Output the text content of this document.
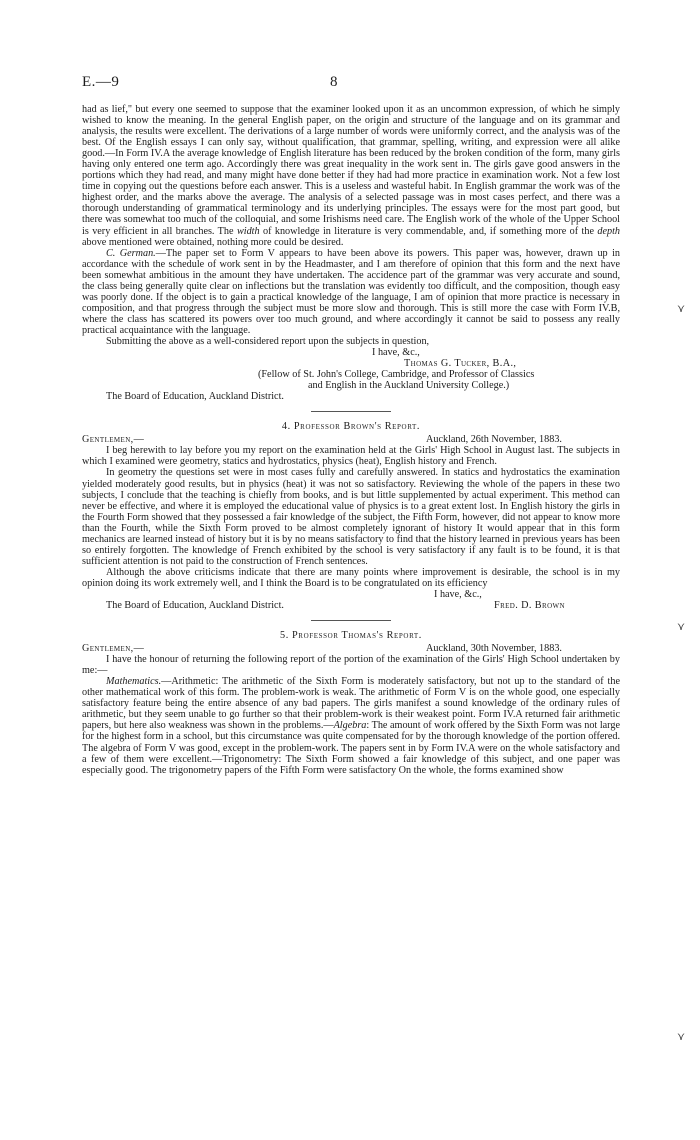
E.—9	8

had as lief," but every one seemed to suppose that the examiner looked upon it as an uncommon expression, of which he simply wished to know the meaning. In the general English paper, on the origin and structure of the language and on its grammar and analysis, the results were excellent. The derivations of a large number of words were uniformly correct, and the analysis was of the best. Of the English essays I can only say, without qualification, that grammar, spelling, writing, and expression were all alike good.—In Form IV.A the average knowledge of English literature has been reduced by the broken condition of the form, many girls having only entered one term ago. Accordingly there was great inequality in the work sent in. The girls gave good answers in the portions which they had read, and many might have done better if they had had more practice in examination work. Not a few lost time in copying out the questions before each answer. This is a useless and wasteful habit. In English grammar the work was of the highest order, and the marks above the average. The analysis of a selected passage was in most cases perfect, and there was a thorough understanding of grammatical terminology and its underlying principles. The essays were for the most part good, but there was somewhat too much of the colloquial, and some Irishisms need care. The English work of the whole of the Upper School is very efficient in all branches. The width of knowledge in literature is very commendable, and, if something more of the depth above mentioned were obtained, nothing more could be desired.

C. German.—The paper set to Form V appears to have been above its powers. This paper was, however, drawn up in accordance with the schedule of work sent in by the Headmaster, and I am therefore of opinion that this form and the next have been somewhat ambitious in the amount they have undertaken. The accidence part of the grammar was very accurate and sound, the class being generally quite clear on inflections but the translation was evidently too difficult, and the composition, though easy was poorly done. If the object is to gain a practical knowledge of the language, I am of opinion that more practice is necessary in composition, and that progress through the subject must be more slow and thorough. This is still more the case with Form IV.B, where the class has scattered its powers over too much ground, and where accordingly it cannot be said to possess any really practical acquaintance with the language.

Submitting the above as a well-considered report upon the subjects in question,

I have, &c.,
Thomas G. Tucker, B.A.,
(Fellow of St. John's College, Cambridge, and Professor of Classics
and English in the Auckland University College.)
The Board of Education, Auckland District.
4. Professor Brown's Report.
Gentlemen,—	Auckland, 26th November, 1883.

I beg herewith to lay before you my report on the examination held at the Girls' High School in August last. The subjects in which I examined were geometry, statics and hydrostatics, physics (heat), English history and French.

In geometry the questions set were in most cases fully and carefully answered. In statics and hydrostatics the examination yielded moderately good results, but in physics (heat) it was not so satisfactory. Reviewing the whole of the papers in these two subjects, I conclude that the teaching is chiefly from books, and is but little supplemented by actual experiment. This method can never be effective, and where it is employed the educational value of physics is to a great extent lost. In English history the girls in the Fourth Form showed that they possessed a fair knowledge of the subject, the Fifth Form, however, did not appear to know more than the Fourth, while the Sixth Form proved to be almost completely ignorant of history It would appear that in this form mechanics are learned instead of history but it is by no means satisfactory to find that the history learned in previous years has been so entirely forgotten. The knowledge of French exhibited by the school is very satisfactory if any fault is to be found, it is that sufficient attention is not paid to the construction of French sentences.

Although the above criticisms indicate that there are many points where improvement is desirable, the school is in my opinion doing its work extremely well, and I think the Board is to be congratulated on its efficiency

I have, &c.,
The Board of Education, Auckland District.	Fred. D. Brown
5. Professor Thomas's Report.
Gentlemen,—	Auckland, 30th November, 1883.

I have the honour of returning the following report of the portion of the examination of the Girls' High School undertaken by me:—

Mathematics.—Arithmetic: The arithmetic of the Sixth Form is moderately satisfactory, but not up to the standard of the other mathematical work of this form. The problem-work is weak. The arithmetic of Form V is on the whole good, one especially satisfactory feature being the entire absence of any bad papers. The girls manifest a sound knowledge of the ordinary rules of arithmetic, but they seem unable to go further so that their problem-work is their weakest point. Form IV.A returned fair arithmetic papers, but here also weakness was shown in the problems.—Algebra: The amount of work offered by the Sixth Form was not large for the highest form in a school, but this circumstance was quite compensated for by the thorough knowledge of the portion offered. The algebra of Form V was good, except in the problem-work. The papers sent in by Form IV.A were on the whole satisfactory and a few of them were excellent.—Trigonometry: The Sixth Form showed a fair knowledge of this subject, and one paper was especially good. The trigonometry papers of the Fifth Form were satisfactory On the whole, the forms examined show

⋎
⋎
⋎
